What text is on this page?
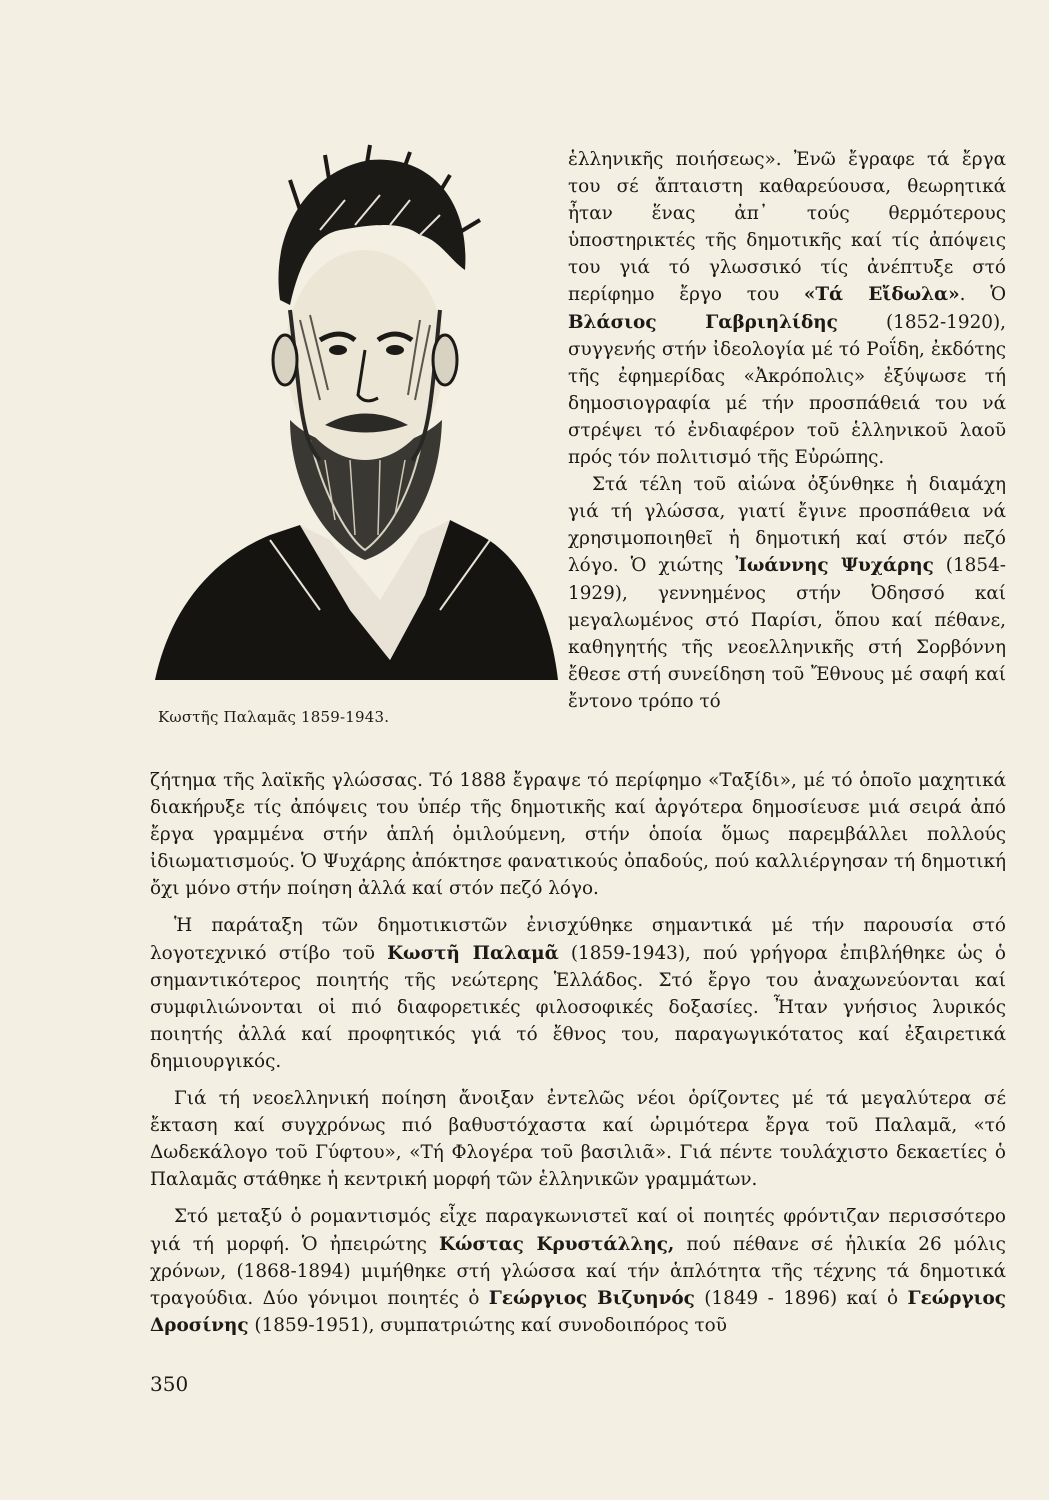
Κωστῆς Παλαμᾶς 1859-1943.

ἑλληνικῆς ποιήσεως». Ἐνῶ ἔγραφε τά ἔργα του σέ ἄπταιστη καθαρεύουσα, θεωρητικά ἦταν ἕνας ἀπ᾽ τούς θερμότερους ὑποστηρικτές τῆς δημοτικῆς καί τίς ἀπόψεις του γιά τό γλωσσικό τίς ἀνέπτυξε στό περίφημο ἔργο του «Τά Εἴδωλα». Ὁ Βλάσιος Γαβριηλίδης (1852-1920), συγγενής στήν ἰδεολογία μέ τό Ροΐδη, ἐκδότης τῆς ἐφημερίδας «Ἀκρόπολις» ἐξύψωσε τή δημοσιογραφία μέ τήν προσπάθειά του νά στρέψει τό ἐνδιαφέρον τοῦ ἑλληνικοῦ λαοῦ πρός τόν πολιτισμό τῆς Εὐρώπης.

Στά τέλη τοῦ αἰώνα ὀξύνθηκε ἡ διαμάχη γιά τή γλώσσα, γιατί ἔγινε προσπάθεια νά χρησιμοποιηθεῖ ἡ δημοτική καί στόν πεζό λόγο. Ὁ χιώτης Ἰωάννης Ψυχάρης (1854-1929), γεννημένος στήν Ὀδησσό καί μεγαλωμένος στό Παρίσι, ὅπου καί πέθανε, καθηγητής τῆς νεοελληνικῆς στή Σορβόννη ἔθεσε στή συνείδηση τοῦ Ἔθνους μέ σαφή καί ἔντονο τρόπο τό

ζήτημα τῆς λαϊκῆς γλώσσας. Τό 1888 ἔγραψε τό περίφημο «Ταξίδι», μέ τό ὁποῖο μαχητικά διακήρυξε τίς ἀπόψεις του ὑπέρ τῆς δημοτικῆς καί ἀργότερα δημοσίευσε μιά σειρά ἀπό ἔργα γραμμένα στήν ἁπλή ὁμιλούμενη, στήν ὁποία ὅμως παρεμβάλλει πολλούς ἰδιωματισμούς. Ὁ Ψυχάρης ἀπόκτησε φανατικούς ὀπαδούς, πού καλλιέργησαν τή δημοτική ὄχι μόνο στήν ποίηση ἀλλά καί στόν πεζό λόγο.

Ἡ παράταξη τῶν δημοτικιστῶν ἐνισχύθηκε σημαντικά μέ τήν παρουσία στό λογοτεχνικό στίβο τοῦ Κωστῆ Παλαμᾶ (1859-1943), πού γρήγορα ἐπιβλήθηκε ὡς ὁ σημαντικότερος ποιητής τῆς νεώτερης Ἑλλάδος. Στό ἔργο του ἀναχωνεύονται καί συμφιλιώνονται οἱ πιό διαφορετικές φιλοσοφικές δοξασίες. Ἦταν γνήσιος λυρικός ποιητής ἀλλά καί προφητικός γιά τό ἔθνος του, παραγωγικότατος καί ἐξαιρετικά δημιουργικός.

Γιά τή νεοελληνική ποίηση ἄνοιξαν ἐντελῶς νέοι ὁρίζοντες μέ τά μεγαλύτερα σέ ἔκταση καί συγχρόνως πιό βαθυστόχαστα καί ὡριμότερα ἔργα τοῦ Παλαμᾶ, «τό Δωδεκάλογο τοῦ Γύφτου», «Τή Φλογέρα τοῦ βασιλιᾶ». Γιά πέντε τουλάχιστο δεκαετίες ὁ Παλαμᾶς στάθηκε ἡ κεντρική μορφή τῶν ἑλληνικῶν γραμμάτων.

Στό μεταξύ ὁ ρομαντισμός εἶχε παραγκωνιστεῖ καί οἱ ποιητές φρόντιζαν περισσότερο γιά τή μορφή. Ὁ ἠπειρώτης Κώστας Κρυστάλλης, πού πέθανε σέ ἡλικία 26 μόλις χρόνων, (1868-1894) μιμήθηκε στή γλώσσα καί τήν ἁπλότητα τῆς τέχνης τά δημοτικά τραγούδια. Δύο γόνιμοι ποιητές ὁ Γεώργιος Βιζυηνός (1849 - 1896) καί ὁ Γεώργιος Δροσίνης (1859-1951), συμπατριώτης καί συνοδοιπόρος τοῦ

350
